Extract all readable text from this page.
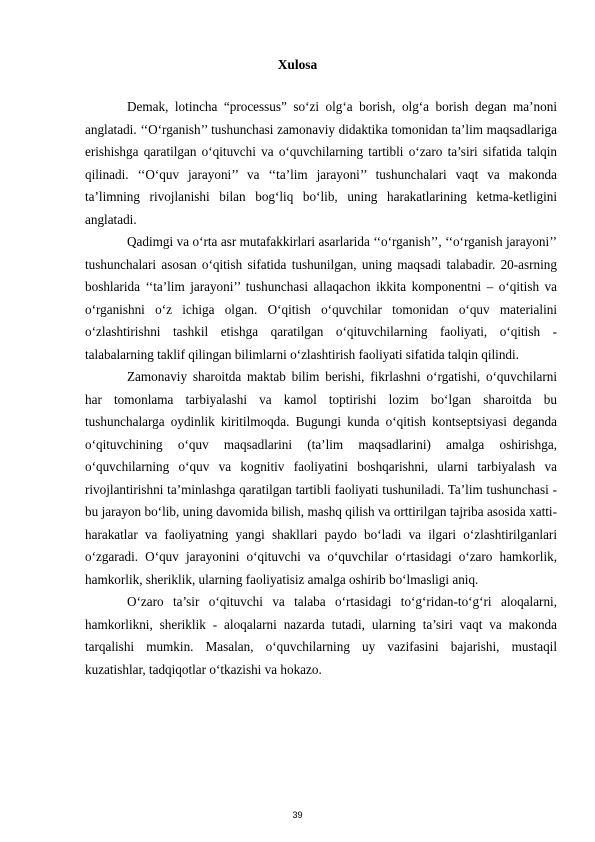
Xulosa

Demak, lotincha “processus” so‘zi olg‘a borish, olg‘a borish degan ma’noni anglatadi. ‘‘O‘rganish’’ tushunchasi zamonaviy didaktika tomonidan ta’lim maqsadlariga erishishga qaratilgan o‘qituvchi va o‘quvchilarning tartibli o‘zaro ta’siri sifatida talqin qilinadi. ‘‘O‘quv jarayoni’’ va ‘‘ta’lim jarayoni’’ tushunchalari vaqt va makonda ta’limning rivojlanishi bilan bog‘liq bo‘lib, uning harakatlarining ketma-ketligini anglatadi.

Qadimgi va o‘rta asr mutafakkirlari asarlarida ‘‘o‘rganish’’, ‘‘o‘rganish jarayoni’’ tushunchalari asosan o‘qitish sifatida tushunilgan, uning maqsadi talabadir. 20-asrning boshlarida ‘‘ta’lim jarayoni’’ tushunchasi allaqachon ikkita komponentni – o‘qitish va o‘rganishni o‘z ichiga olgan. O‘qitish o‘quvchilar tomonidan o‘quv materialini o‘zlashtirishni tashkil etishga qaratilgan o‘qituvchilarning faoliyati, o‘qitish - talabalarning taklif qilingan bilimlarni o‘zlashtirish faoliyati sifatida talqin qilindi.

Zamonaviy sharoitda maktab bilim berishi, fikrlashni o‘rgatishi, o‘quvchilarni har tomonlama tarbiyalashi va kamol toptirishi lozim bo‘lgan sharoitda bu tushunchalarga oydinlik kiritilmoqda. Bugungi kunda o‘qitish kontseptsiyasi deganda o‘qituvchining o‘quv maqsadlarini (ta’lim maqsadlarini) amalga oshirishga, o‘quvchilarning o‘quv va kognitiv faoliyatini boshqarishni, ularni tarbiyalash va rivojlantirishni ta’minlashga qaratilgan tartibli faoliyati tushuniladi. Ta’lim tushunchasi - bu jarayon bo‘lib, uning davomida bilish, mashq qilish va orttirilgan tajriba asosida xatti-harakatlar va faoliyatning yangi shakllari paydo bo‘ladi va ilgari o‘zlashtirilganlari o‘zgaradi. O‘quv jarayonini o‘qituvchi va o‘quvchilar o‘rtasidagi o‘zaro hamkorlik, hamkorlik, sheriklik, ularning faoliyatisiz amalga oshirib bo‘lmasligi aniq.

O‘zaro ta’sir o‘qituvchi va talaba o‘rtasidagi to‘g‘ridan-to‘g‘ri aloqalarni, hamkorlikni, sheriklik - aloqalarni nazarda tutadi, ularning ta’siri vaqt va makonda tarqalishi mumkin. Masalan, o‘quvchilarning uy vazifasini bajarishi, mustaqil kuzatishlar, tadqiqotlar o‘tkazishi va hokazo.

39
